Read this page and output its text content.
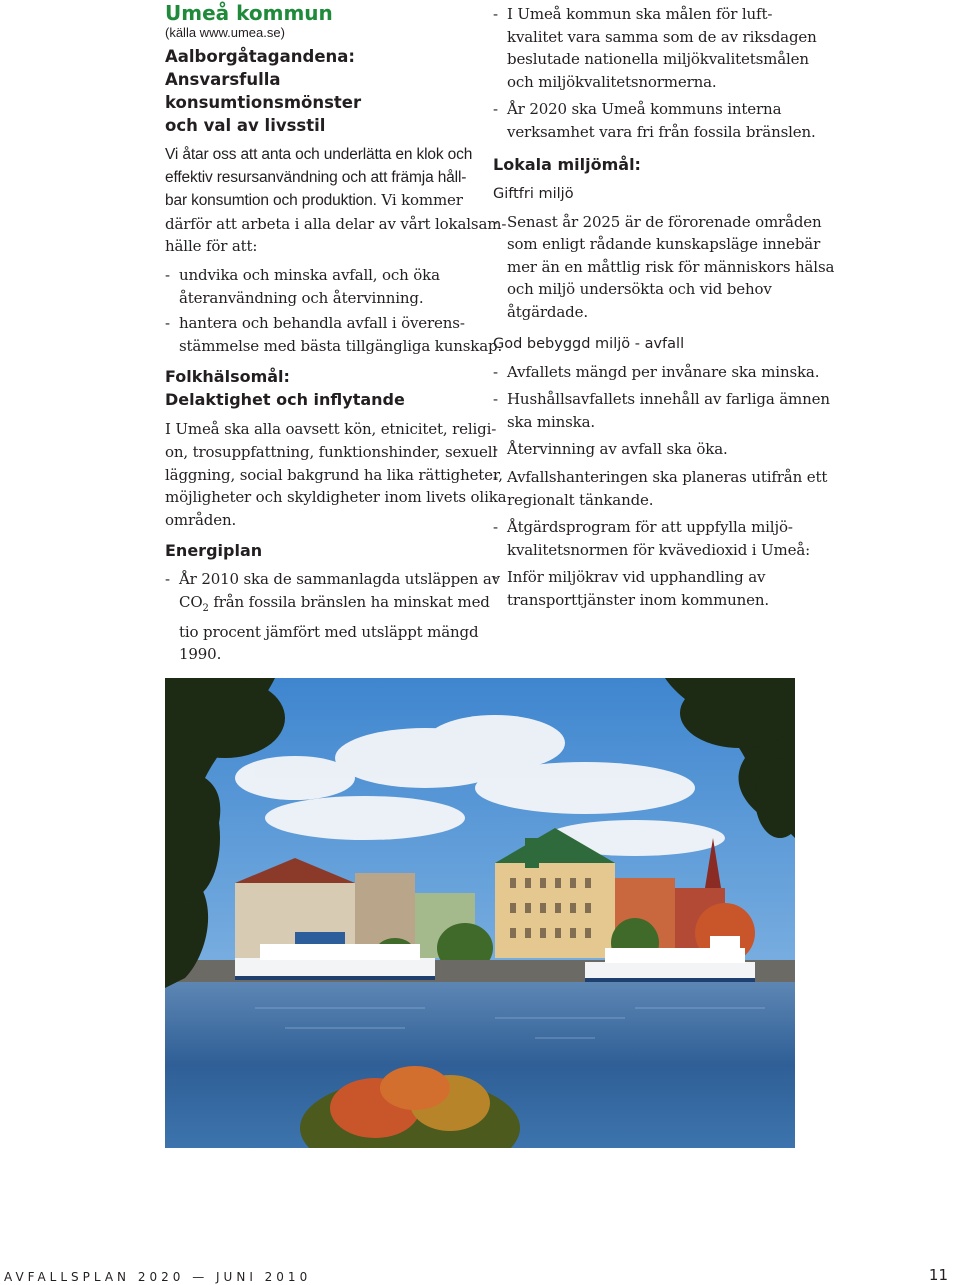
Umeå kommun
(källa www.umea.se)
Aalborgåtagandena:
Ansvarsfulla konsumtionsmönster
och val av livsstil
Vi åtar oss att anta och underlätta en klok och
effektiv resursanvändning och att främja håll-
bar konsumtion och produktion. Vi kommer
därför att arbeta i alla delar av vårt lokalsam-
hälle för att:
- undvika och minska avfall, och öka
återanvändning och återvinning.
- hantera och behandla avfall i överens-
stämmelse med bästa tillgängliga kunskap.
Folkhälsomål:
Delaktighet och inflytande
I Umeå ska alla oavsett kön, etnicitet, religi-
on, trosuppfattning, funktionshinder, sexuell
läggning, social bakgrund ha lika rättigheter,
möjligheter och skyldigheter inom livets olika
områden.
Energiplan
- År 2010 ska de sammanlagda utsläppen av
$CO_2$ från fossila bränslen ha minskat med
tio procent jämfört med utsläppt mängd
1990.
- I Umeå kommun ska målen för luft-
kvalitet vara samma som de av riksdagen
beslutade nationella miljökvalitetsmålen
och miljökvalitetsnormerna.
- År 2020 ska Umeå kommuns interna
verksamhet vara fri från fossila bränslen.
Lokala miljömål:
Giftfri miljö
- Senast år 2025 är de förorenade områden
som enligt rådande kunskapsläge innebär
mer än en måttlig risk för människors hälsa
och miljö undersökta och vid behov
åtgärdade.
God bebyggd miljö - avfall
- Avfallets mängd per invånare ska minska.
- Hushållsavfallets innehåll av farliga ämnen
ska minska.
- Återvinning av avfall ska öka.
- Avfallshanteringen ska planeras utifrån ett
regionalt tänkande.
- Åtgärdsprogram för att uppfylla miljö-
kvalitetsnormen för kvävedioxid i Umeå:
- Inför miljökrav vid upphandling av
transporttjänster inom kommunen.
AVFALLSPLAN 2020 — JUNI 2010	11
